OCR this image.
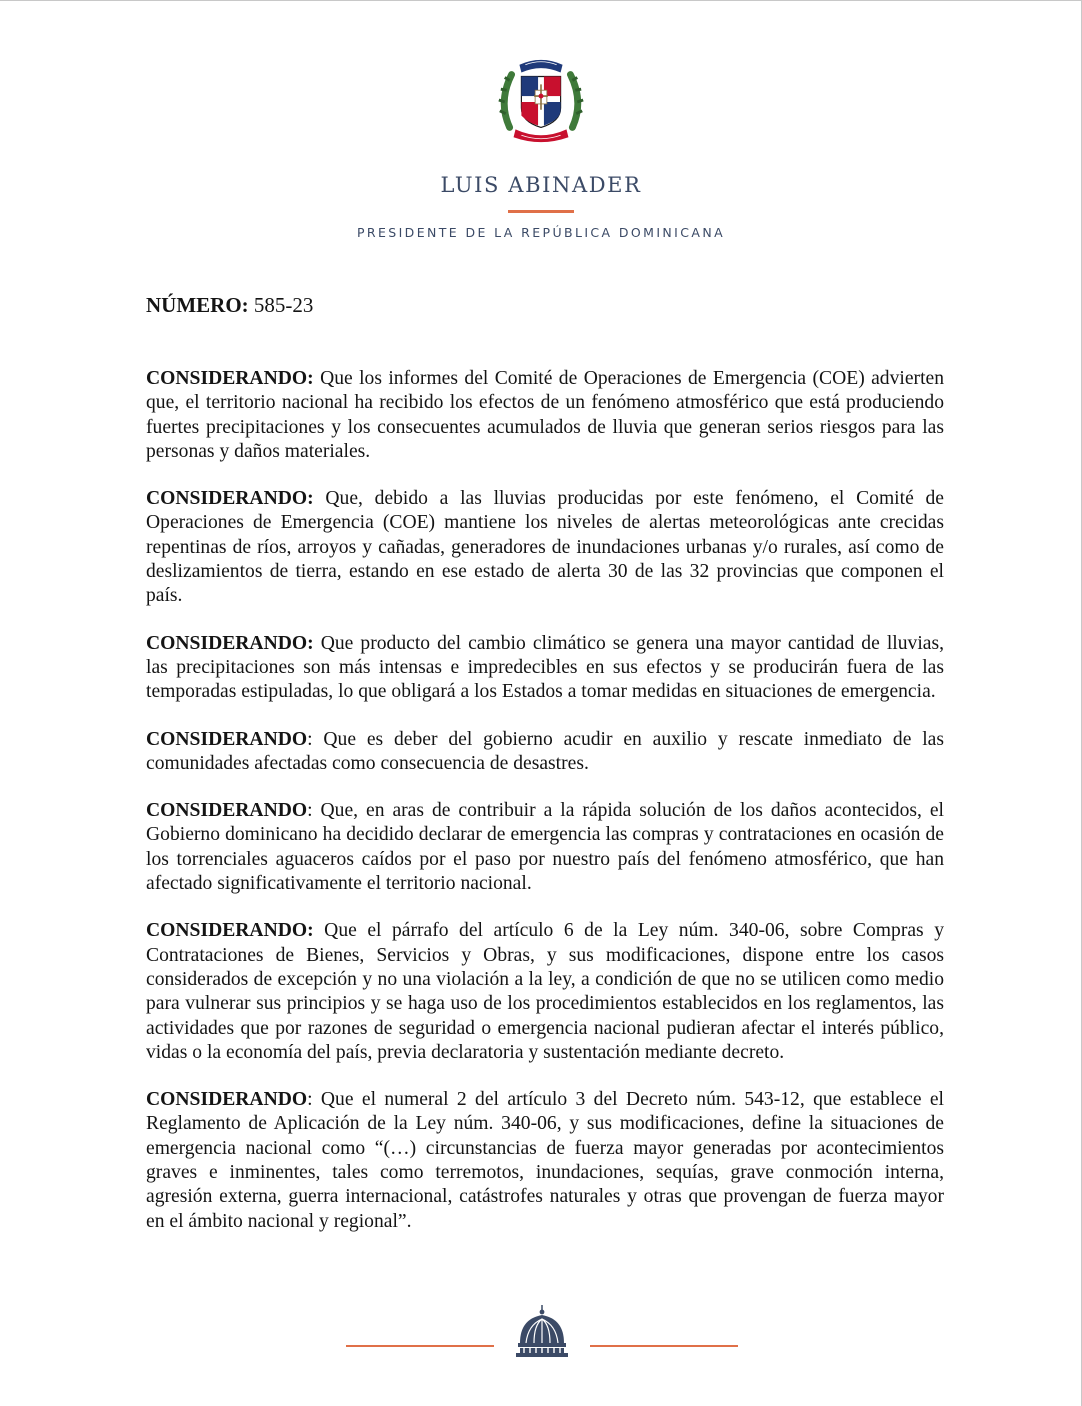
LUIS ABINADER
PRESIDENTE DE LA REPÚBLICA DOMINICANA
NÚMERO: 585-23

CONSIDERANDO: Que los informes del Comité de Operaciones de Emergencia (COE) advierten que, el territorio nacional ha recibido los efectos de un fenómeno atmosférico que está produciendo fuertes precipitaciones y los consecuentes acumulados de lluvia que generan serios riesgos para las personas y daños materiales.

CONSIDERANDO: Que, debido a las lluvias producidas por este fenómeno, el Comité de Operaciones de Emergencia (COE) mantiene los niveles de alertas meteorológicas ante crecidas repentinas de ríos, arroyos y cañadas, generadores de inundaciones urbanas y/o rurales, así como de deslizamientos de tierra, estando en ese estado de alerta 30 de las 32 provincias que componen el país.

CONSIDERANDO: Que producto del cambio climático se genera una mayor cantidad de lluvias, las precipitaciones son más intensas e impredecibles en sus efectos y se producirán fuera de las temporadas estipuladas, lo que obligará a los Estados a tomar medidas en situaciones de emergencia.

CONSIDERANDO: Que es deber del gobierno acudir en auxilio y rescate inmediato de las comunidades afectadas como consecuencia de desastres.

CONSIDERANDO: Que, en aras de contribuir a la rápida solución de los daños acontecidos, el Gobierno dominicano ha decidido declarar de emergencia las compras y contrataciones en ocasión de los torrenciales aguaceros caídos por el paso por nuestro país del fenómeno atmosférico, que han afectado significativamente el territorio nacional.

CONSIDERANDO: Que el párrafo del artículo 6 de la Ley núm. 340-06, sobre Compras y Contrataciones de Bienes, Servicios y Obras, y sus modificaciones, dispone entre los casos considerados de excepción y no una violación a la ley, a condición de que no se utilicen como medio para vulnerar sus principios y se haga uso de los procedimientos establecidos en los reglamentos, las actividades que por razones de seguridad o emergencia nacional pudieran afectar el interés público, vidas o la economía del país, previa declaratoria y sustentación mediante decreto.

CONSIDERANDO: Que el numeral 2 del artículo 3 del Decreto núm. 543-12, que establece el Reglamento de Aplicación de la Ley núm. 340-06, y sus modificaciones, define la situaciones de emergencia nacional como “(…) circunstancias de fuerza mayor generadas por acontecimientos graves e inminentes, tales como terremotos, inundaciones, sequías, grave conmoción interna, agresión externa, guerra internacional, catástrofes naturales y otras que provengan de fuerza mayor en el ámbito nacional y regional”.
